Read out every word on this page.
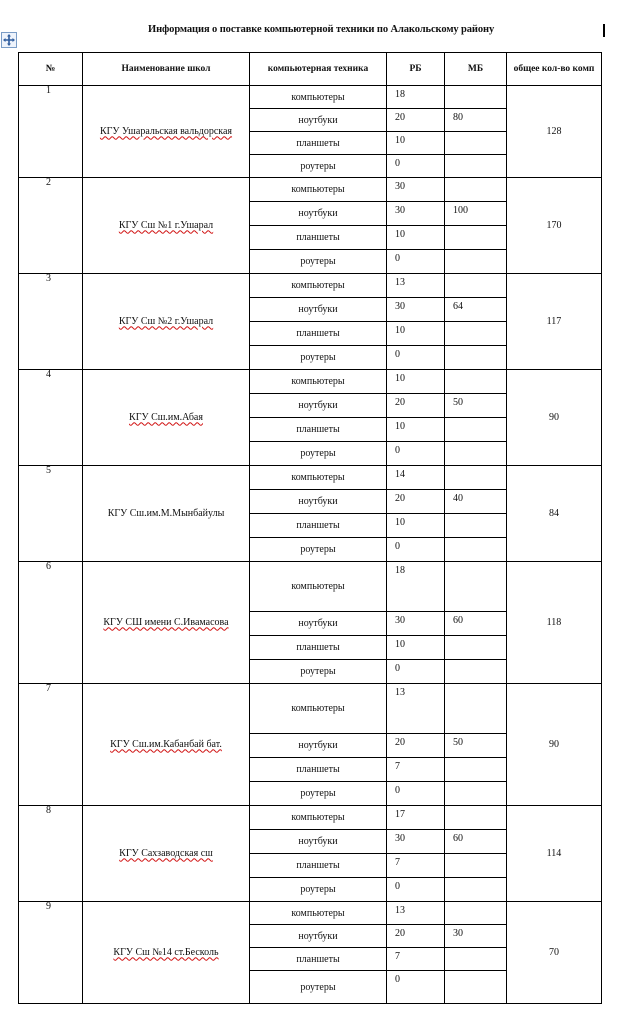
Информация о поставке компьютерной техники по Алакольскому району
№	Наименование школ	компьютерная техника	РБ	МБ	общее кол-во комп
1	КГУ Ушаральская вальдорская	компьютеры	18		128
		ноутбуки	20	80	
		планшеты	10		
		роутеры	0		
2	КГУ Сш №1 г.Ушарал	компьютеры	30		170
		ноутбуки	30	100	
		планшеты	10		
		роутеры	0		
3	КГУ Сш №2 г.Ушарал	компьютеры	13		117
		ноутбуки	30	64	
		планшеты	10		
		роутеры	0		
4	КГУ Сш.им.Абая	компьютеры	10		90
		ноутбуки	20	50	
		планшеты	10		
		роутеры	0		
5	КГУ Сш.им.М.Мынбайулы	компьютеры	14		84
		ноутбуки	20	40	
		планшеты	10		
		роутеры	0		
6	КГУ СШ имени С.Ивамасова	компьютеры	18		118
		ноутбуки	30	60	
		планшеты	10		
		роутеры	0		
7	КГУ Сш.им.Кабанбай бат.	компьютеры	13		90
		ноутбуки	20	50	
		планшеты	7		
		роутеры	0		
8	КГУ Сахзаводская сш	компьютеры	17		114
		ноутбуки	30	60	
		планшеты	7		
		роутеры	0		
9	КГУ Сш №14 ст.Бесколь	компьютеры	13		70
		ноутбуки	20	30	
		планшеты	7		
		роутеры	0		
